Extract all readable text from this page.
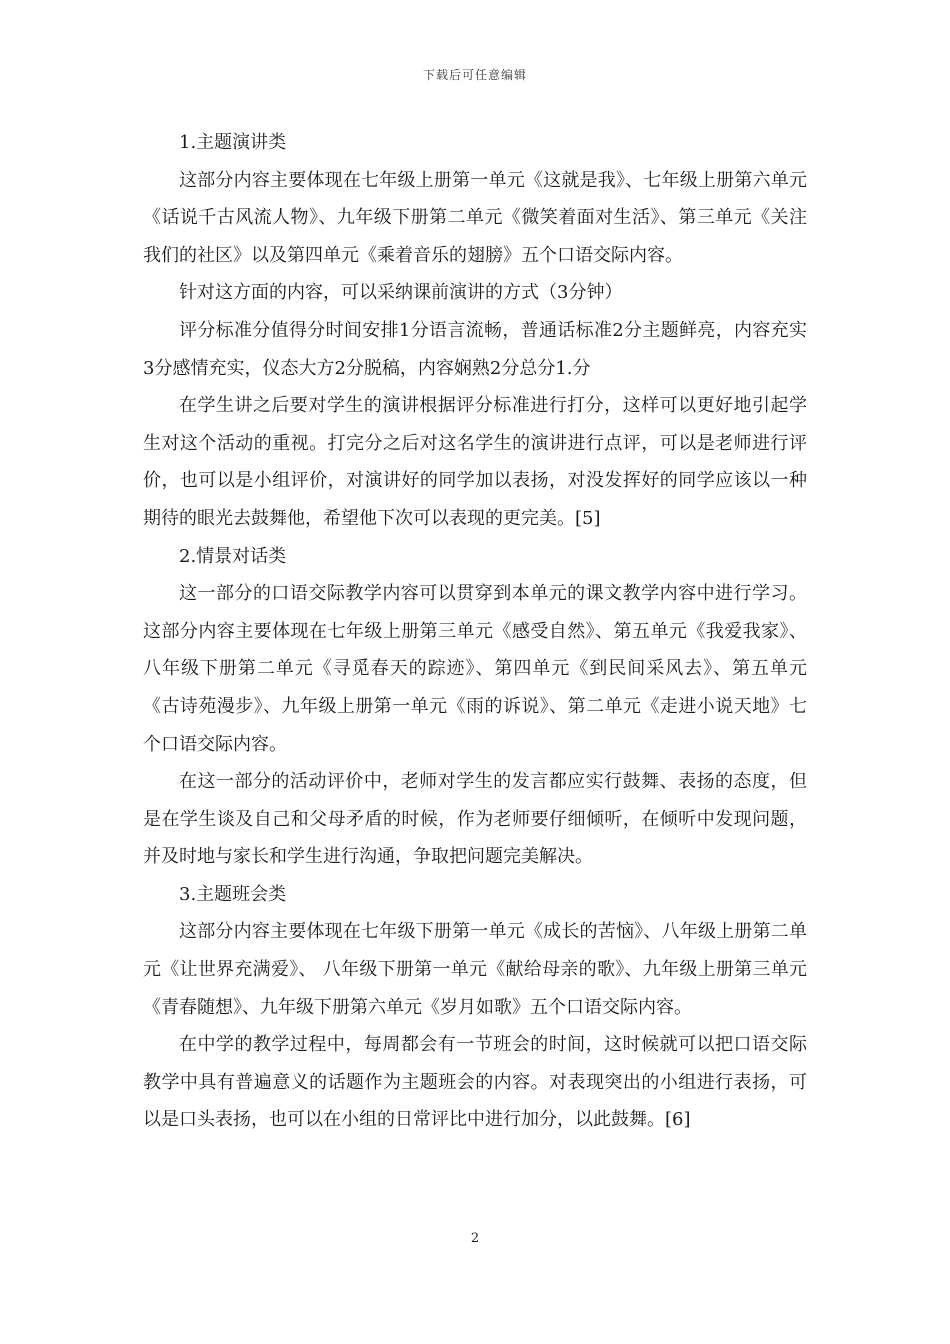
下载后可任意编辑

1.主题演讲类

这部分内容主要体现在七年级上册第一单元《这就是我》、七年级上册第六单元《话说千古风流人物》、九年级下册第二单元《微笑着面对生活》、第三单元《关注我们的社区》以及第四单元《乘着音乐的翅膀》五个口语交际内容。

针对这方面的内容，可以采纳课前演讲的方式（3分钟）

评分标准分值得分时间安排1分语言流畅，普通话标准2分主题鲜亮，内容充实3分感情充实，仪态大方2分脱稿，内容娴熟2分总分1.分

在学生讲之后要对学生的演讲根据评分标准进行打分，这样可以更好地引起学生对这个活动的重视。打完分之后对这名学生的演讲进行点评，可以是老师进行评价，也可以是小组评价，对演讲好的同学加以表扬，对没发挥好的同学应该以一种期待的眼光去鼓舞他，希望他下次可以表现的更完美。[5]

2.情景对话类

这一部分的口语交际教学内容可以贯穿到本单元的课文教学内容中进行学习。这部分内容主要体现在七年级上册第三单元《感受自然》、第五单元《我爱我家》、八年级下册第二单元《寻觅春天的踪迹》、第四单元《到民间采风去》、第五单元《古诗苑漫步》、九年级上册第一单元《雨的诉说》、第二单元《走进小说天地》七个口语交际内容。

在这一部分的活动评价中，老师对学生的发言都应实行鼓舞、表扬的态度，但是在学生谈及自己和父母矛盾的时候，作为老师要仔细倾听，在倾听中发现问题，并及时地与家长和学生进行沟通，争取把问题完美解决。

3.主题班会类

这部分内容主要体现在七年级下册第一单元《成长的苦恼》、八年级上册第二单元《让世界充满爱》、 八年级下册第一单元《献给母亲的歌》、九年级上册第三单元《青春随想》、九年级下册第六单元《岁月如歌》五个口语交际内容。

在中学的教学过程中，每周都会有一节班会的时间，这时候就可以把口语交际教学中具有普遍意义的话题作为主题班会的内容。对表现突出的小组进行表扬，可以是口头表扬，也可以在小组的日常评比中进行加分，以此鼓舞。[6]

2
